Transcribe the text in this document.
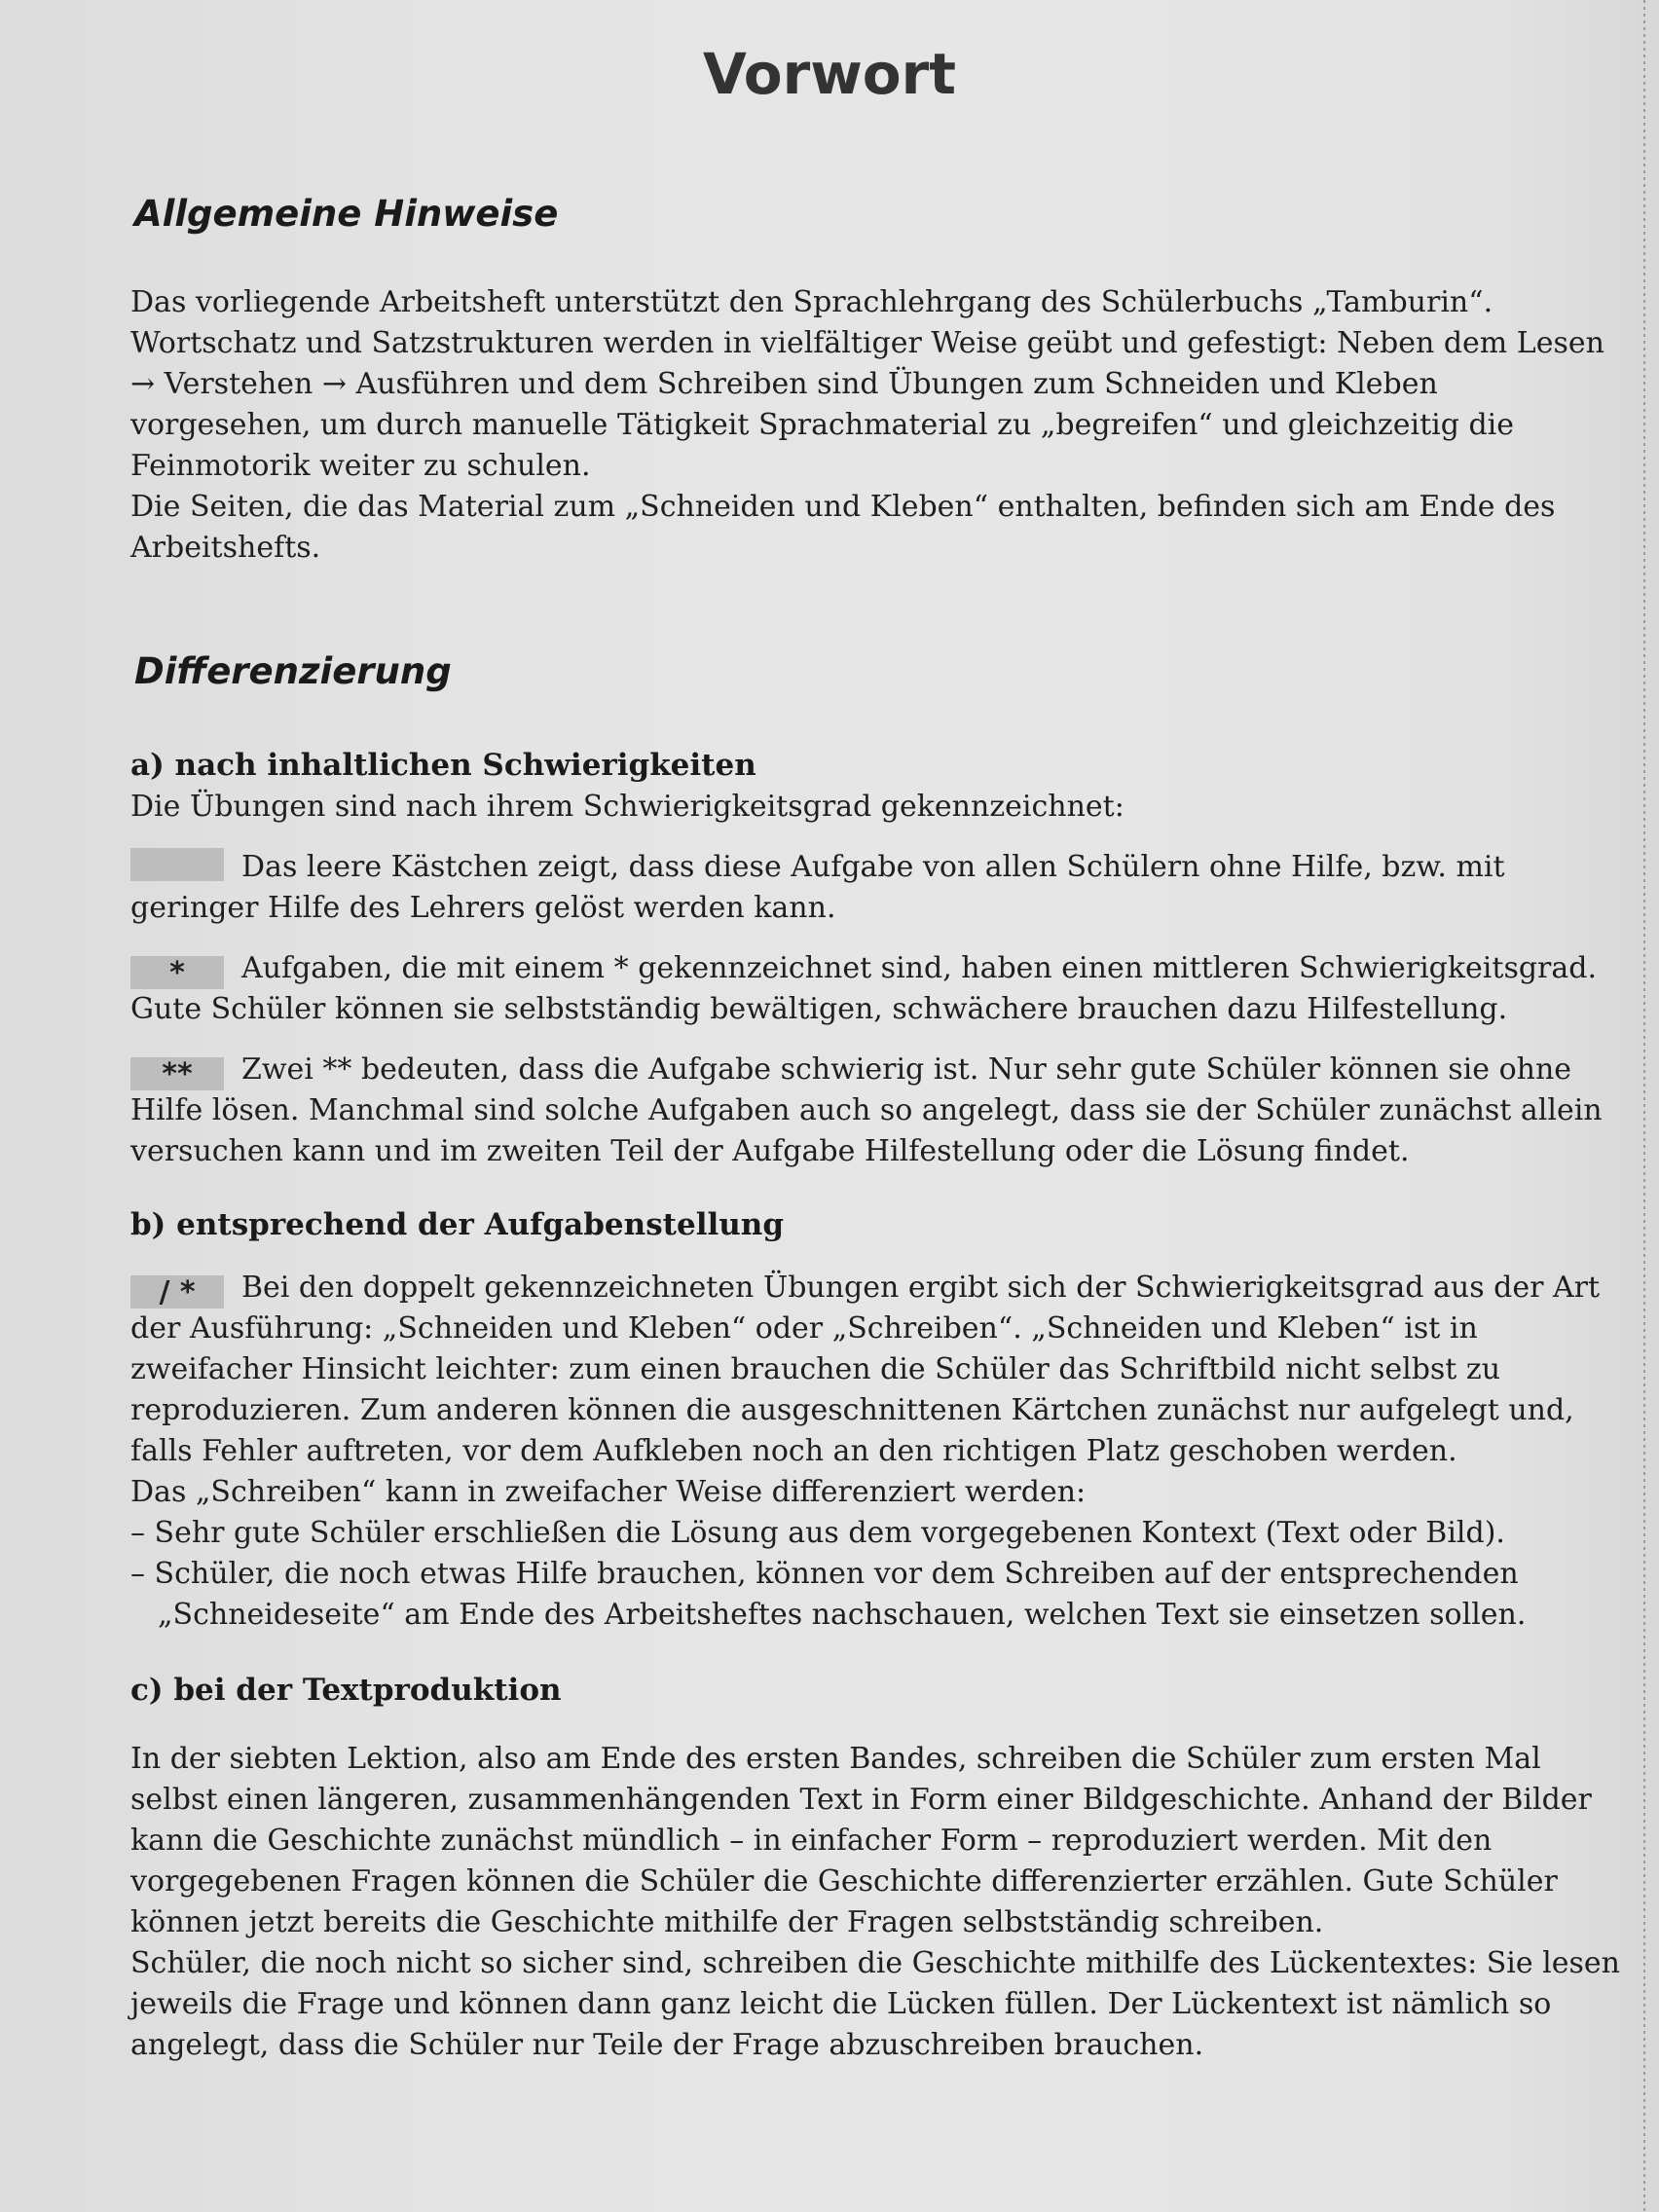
Vorwort
Allgemeine Hinweise

Das vorliegende Arbeitsheft unterstützt den Sprachlehrgang des Schülerbuchs „Tamburin“. Wortschatz und Satzstrukturen werden in vielfältiger Weise geübt und gefestigt: Neben dem Lesen → Verstehen → Ausführen und dem Schreiben sind Übungen zum Schneiden und Kleben vorgesehen, um durch manuelle Tätigkeit Sprachmaterial zu „begreifen“ und gleichzeitig die Feinmotorik weiter zu schulen.

Die Seiten, die das Material zum „Schneiden und Kleben“ enthalten, befinden sich am Ende des Arbeitshefts.

Differenzierung
a) nach inhaltlichen Schwierigkeiten

Die Übungen sind nach ihrem Schwierigkeitsgrad gekennzeichnet:

Das leere Kästchen zeigt, dass diese Aufgabe von allen Schülern ohne Hilfe, bzw. mit geringer Hilfe des Lehrers gelöst werden kann.

* Aufgaben, die mit einem * gekennzeichnet sind, haben einen mittleren Schwierigkeitsgrad. Gute Schüler können sie selbstständig bewältigen, schwächere brauchen dazu Hilfestellung.

** Zwei ** bedeuten, dass die Aufgabe schwierig ist. Nur sehr gute Schüler können sie ohne Hilfe lösen. Manchmal sind solche Aufgaben auch so angelegt, dass sie der Schüler zunächst allein versuchen kann und im zweiten Teil der Aufgabe Hilfestellung oder die Lösung findet.

b) entsprechend der Aufgabenstellung

/ * Bei den doppelt gekennzeichneten Übungen ergibt sich der Schwierigkeitsgrad aus der Art der Ausführung: „Schneiden und Kleben“ oder „Schreiben“. „Schneiden und Kleben“ ist in zweifacher Hinsicht leichter: zum einen brauchen die Schüler das Schriftbild nicht selbst zu reproduzieren. Zum anderen können die ausgeschnittenen Kärtchen zunächst nur aufgelegt und, falls Fehler auftreten, vor dem Aufkleben noch an den richtigen Platz geschoben werden.

Das „Schreiben“ kann in zweifacher Weise differenziert werden:

– Sehr gute Schüler erschließen die Lösung aus dem vorgegebenen Kontext (Text oder Bild).

– Schüler, die noch etwas Hilfe brauchen, können vor dem Schreiben auf der entsprechenden „Schneideseite“ am Ende des Arbeitsheftes nachschauen, welchen Text sie einsetzen sollen.

c) bei der Textproduktion

In der siebten Lektion, also am Ende des ersten Bandes, schreiben die Schüler zum ersten Mal selbst einen längeren, zusammenhängenden Text in Form einer Bildgeschichte. Anhand der Bilder kann die Geschichte zunächst mündlich – in einfacher Form – reproduziert werden. Mit den vorgegebenen Fragen können die Schüler die Geschichte differenzierter erzählen. Gute Schüler können jetzt bereits die Geschichte mithilfe der Fragen selbstständig schreiben.

Schüler, die noch nicht so sicher sind, schreiben die Geschichte mithilfe des Lückentextes: Sie lesen jeweils die Frage und können dann ganz leicht die Lücken füllen. Der Lückentext ist nämlich so angelegt, dass die Schüler nur Teile der Frage abzuschreiben brauchen.
